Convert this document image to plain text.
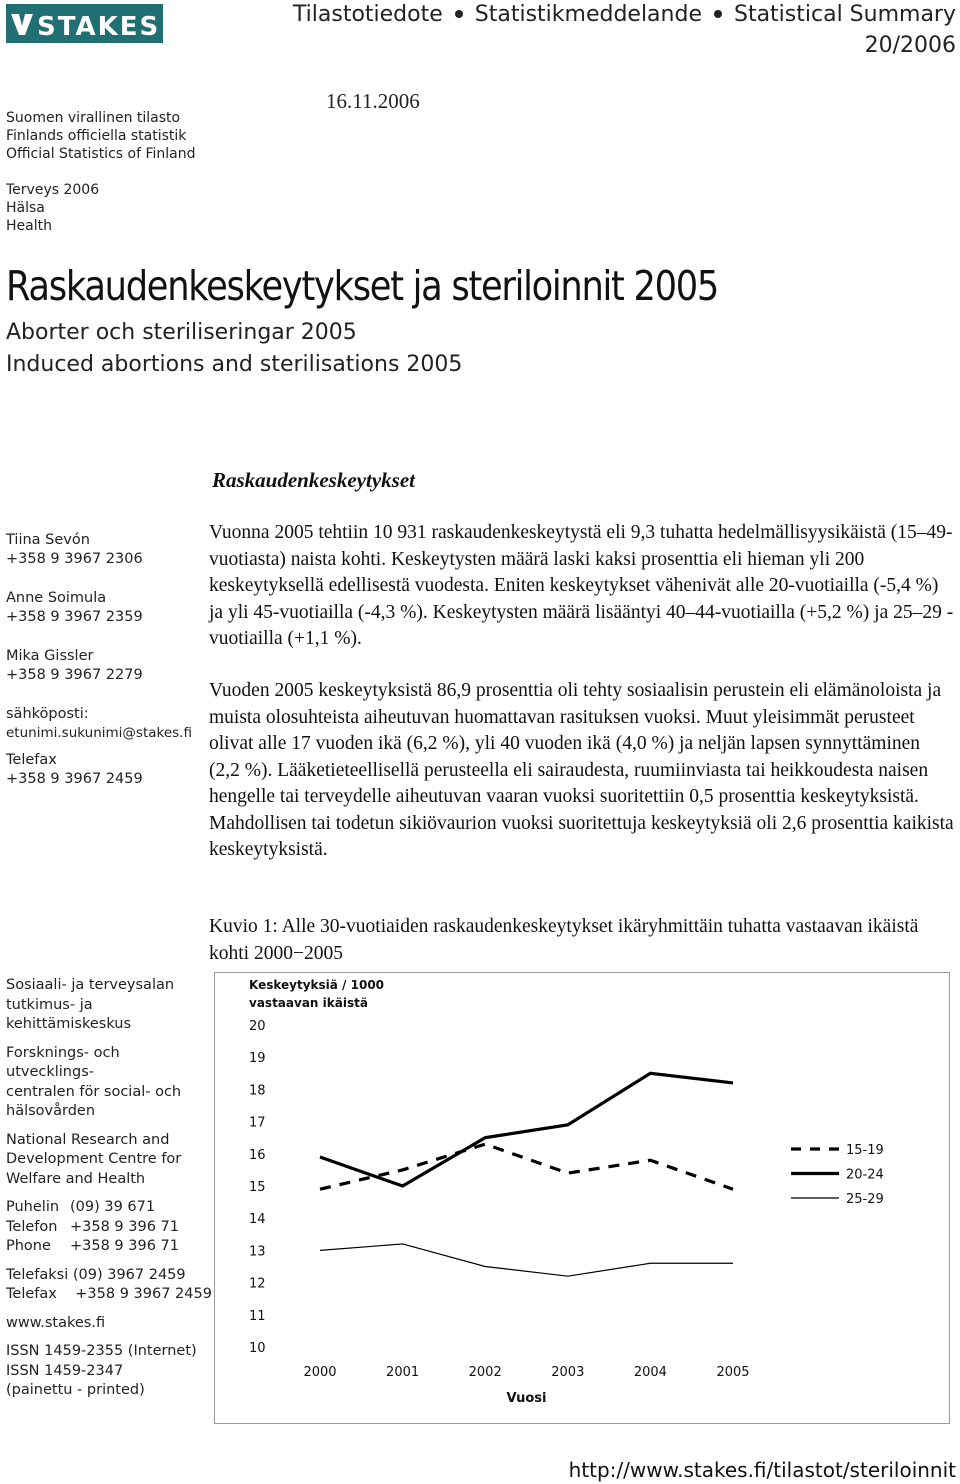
STAKES	Tilastotiedote Statistikmeddelande Statistical Summary
20/2006
16.11.2006
Suomen virallinen tilasto
Finlands officiella statistik
Official Statistics of Finland
Terveys 2006
Hälsa
Health
Raskaudenkeskeytykset ja steriloinnit 2005
Aborter och steriliseringar 2005
Induced abortions and sterilisations 2005
Raskaudenkeskeytykset
Tiina Sevón
+358 9 3967 2306
Anne Soimula
+358 9 3967 2359
Mika Gissler
+358 9 3967 2279
sähköposti:
etunimi.sukunimi@stakes.fi
Telefax
+358 9 3967 2459
Vuonna 2005 tehtiin 10 931 raskaudenkeskeytystä eli 9,3 tuhatta hedelmällisyysikäistä (15–49-vuotiasta) naista kohti. Keskeytysten määrä laski kaksi prosenttia eli hieman yli 200 keskeytyksellä edellisestä vuodesta. Eniten keskeytykset vähenivät alle 20-vuotiailla (-5,4 %) ja yli 45-vuotiailla (-4,3 %). Keskeytysten määrä lisääntyi 40–44-vuotiailla (+5,2 %) ja 25–29 -vuotiailla (+1,1 %).
Vuoden 2005 keskeytyksistä 86,9 prosenttia oli tehty sosiaalisin perustein eli elämänoloista ja muista olosuhteista aiheutuvan huomattavan rasituksen vuoksi. Muut yleisimmät perusteet olivat alle 17 vuoden ikä (6,2 %), yli 40 vuoden ikä (4,0 %) ja neljän lapsen synnyttäminen (2,2 %). Lääketieteellisellä perusteella eli sairaudesta, ruumiinviasta tai heikkoudesta naisen hengelle tai terveydelle aiheutuvan vaaran vuoksi suoritettiin 0,5 prosenttia keskeytyksistä. Mahdollisen tai todetun sikiövaurion vuoksi suoritettuja keskeytyksiä oli 2,6 prosenttia kaikista keskeytyksistä.
Kuvio 1: Alle 30-vuotiaiden raskaudenkeskeytykset ikäryhmittäin tuhatta vastaavan ikäistä kohti 2000−2005
Sosiaali- ja terveysalan
tutkimus- ja
kehittämiskeskus
Forsknings- och utvecklings-
centralen för social- och
hälsovården
National Research and
Development Centre for
Welfare and Health
Puhelin (09) 39 671
Telefon +358 9 396 71
Phone +358 9 396 71
Telefaksi (09) 3967 2459
Telefax    +358 9 3967 2459
www.stakes.fi
ISSN 1459-2355 (Internet)
ISSN 1459-2347
(painettu - printed)
Keskeytyksiä / 1000
vastaavan ikäistä
10
11
12
13
14
15
16
17
18
19
20
2000	2001	2002	2003	2004	2005
Vuosi
15-19
20-24
25-29
http://www.stakes.fi/tilastot/steriloinnit
